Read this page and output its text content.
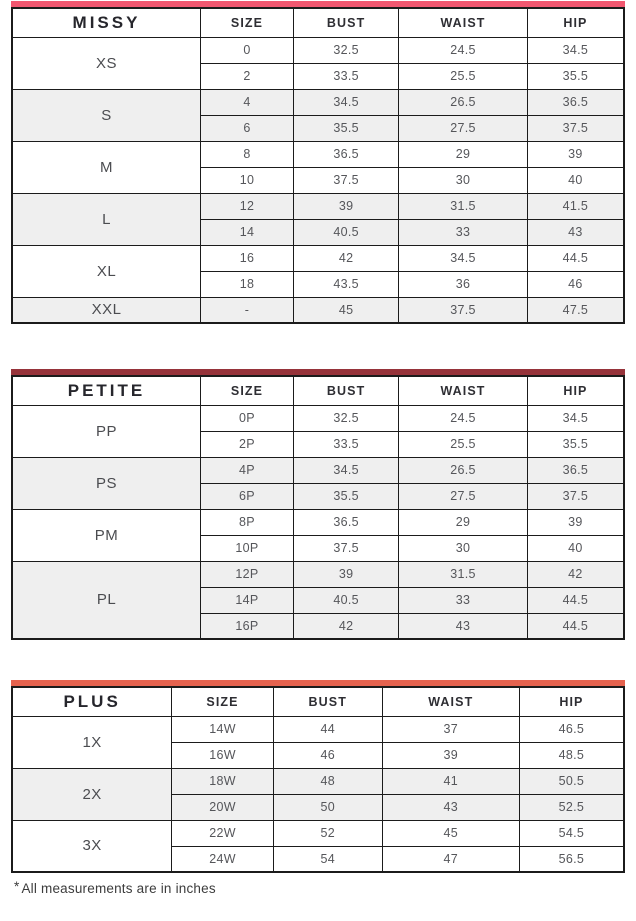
MISSY	SIZE	BUST	WAIST	HIP
XS	0	32.5	24.5	34.5
	2	33.5	25.5	35.5
S	4	34.5	26.5	36.5
	6	35.5	27.5	37.5
M	8	36.5	29	39
	10	37.5	30	40
L	12	39	31.5	41.5
	14	40.5	33	43
XL	16	42	34.5	44.5
	18	43.5	36	46
XXL	-	45	37.5	47.5
PETITE	SIZE	BUST	WAIST	HIP
PP	0P	32.5	24.5	34.5
	2P	33.5	25.5	35.5
PS	4P	34.5	26.5	36.5
	6P	35.5	27.5	37.5
PM	8P	36.5	29	39
	10P	37.5	30	40
PL	12P	39	31.5	42
	14P	40.5	33	44.5
	16P	42	43	44.5
PLUS	SIZE	BUST	WAIST	HIP
1X	14W	44	37	46.5
	16W	46	39	48.5
2X	18W	48	41	50.5
	20W	50	43	52.5
3X	22W	52	45	54.5
	24W	54	47	56.5

* All measurements are in inches
